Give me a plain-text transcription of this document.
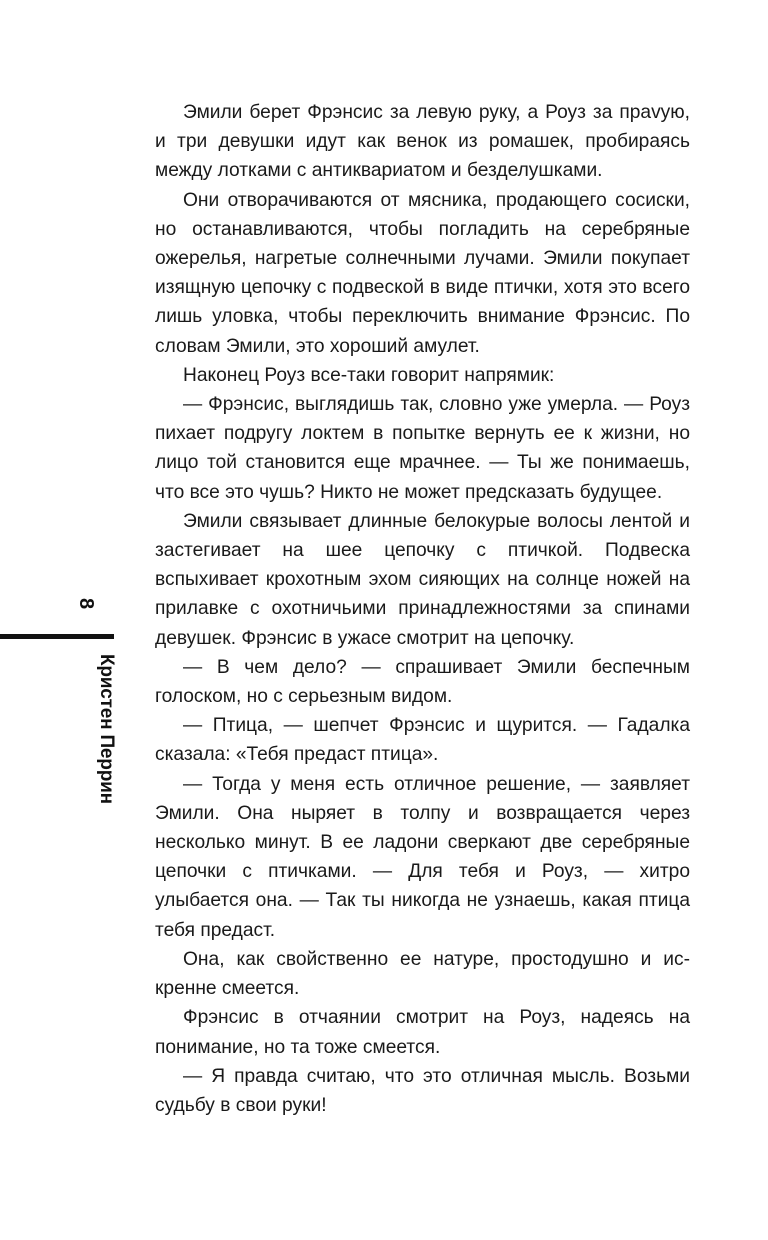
8
Кристен Перрин

Эмили берет Фрэнсис за левую руку, а Роуз за праvую, и три девушки идут как венок из ромашек, пробираясь между лотками с антиквариатом и безделушками.

Они отворачиваются от мясника, продающего сосиски, но останавливаются, чтобы погладить на серебряные ожерелья, нагретые солнечными лучами. Эмили покупает изящную цепочку с подвеской в виде птички, хотя это всего лишь уловка, чтобы переключить внимание Фрэнсис. По словам Эмили, это хороший амулет.

Наконец Роуз все-таки говорит напрямик:

— Фрэнсис, выглядишь так, словно уже умерла. — Роуз пихает подругу локтем в попытке вернуть ее к жизни, но лицо той становится еще мрачнее. — Ты же понимаешь, что все это чушь? Никто не может предсказать будущее.

Эмили связывает длинные белокурые волосы лентой и застегивает на шее цепочку с птичкой. Подвеска вспыхивает крохотным эхом сияющих на солнце ножей на прилавке с охотничьими принадлежностями за спинами девушек. Фрэнсис в ужасе смотрит на цепочку.

— В чем дело? — спрашивает Эмили беспечным голоском, но с серьезным видом.

— Птица, — шепчет Фрэнсис и щурится. — Гадалка сказала: «Тебя предаст птица».

— Тогда у меня есть отличное решение, — заявляет Эмили. Она ныряет в толпу и возвращается через несколько минут. В ее ладони сверкают две серебряные цепочки с птичками. — Для тебя и Роуз, — хитро улыбается она. — Так ты никогда не узнаешь, какая птица тебя предаст.

Она, как свойственно ее натуре, простодушно и искренне смеется.

Фрэнсис в отчаянии смотрит на Роуз, надеясь на понимание, но та тоже смеется.

— Я правда считаю, что это отличная мысль. Возьми судьбу в свои руки!
